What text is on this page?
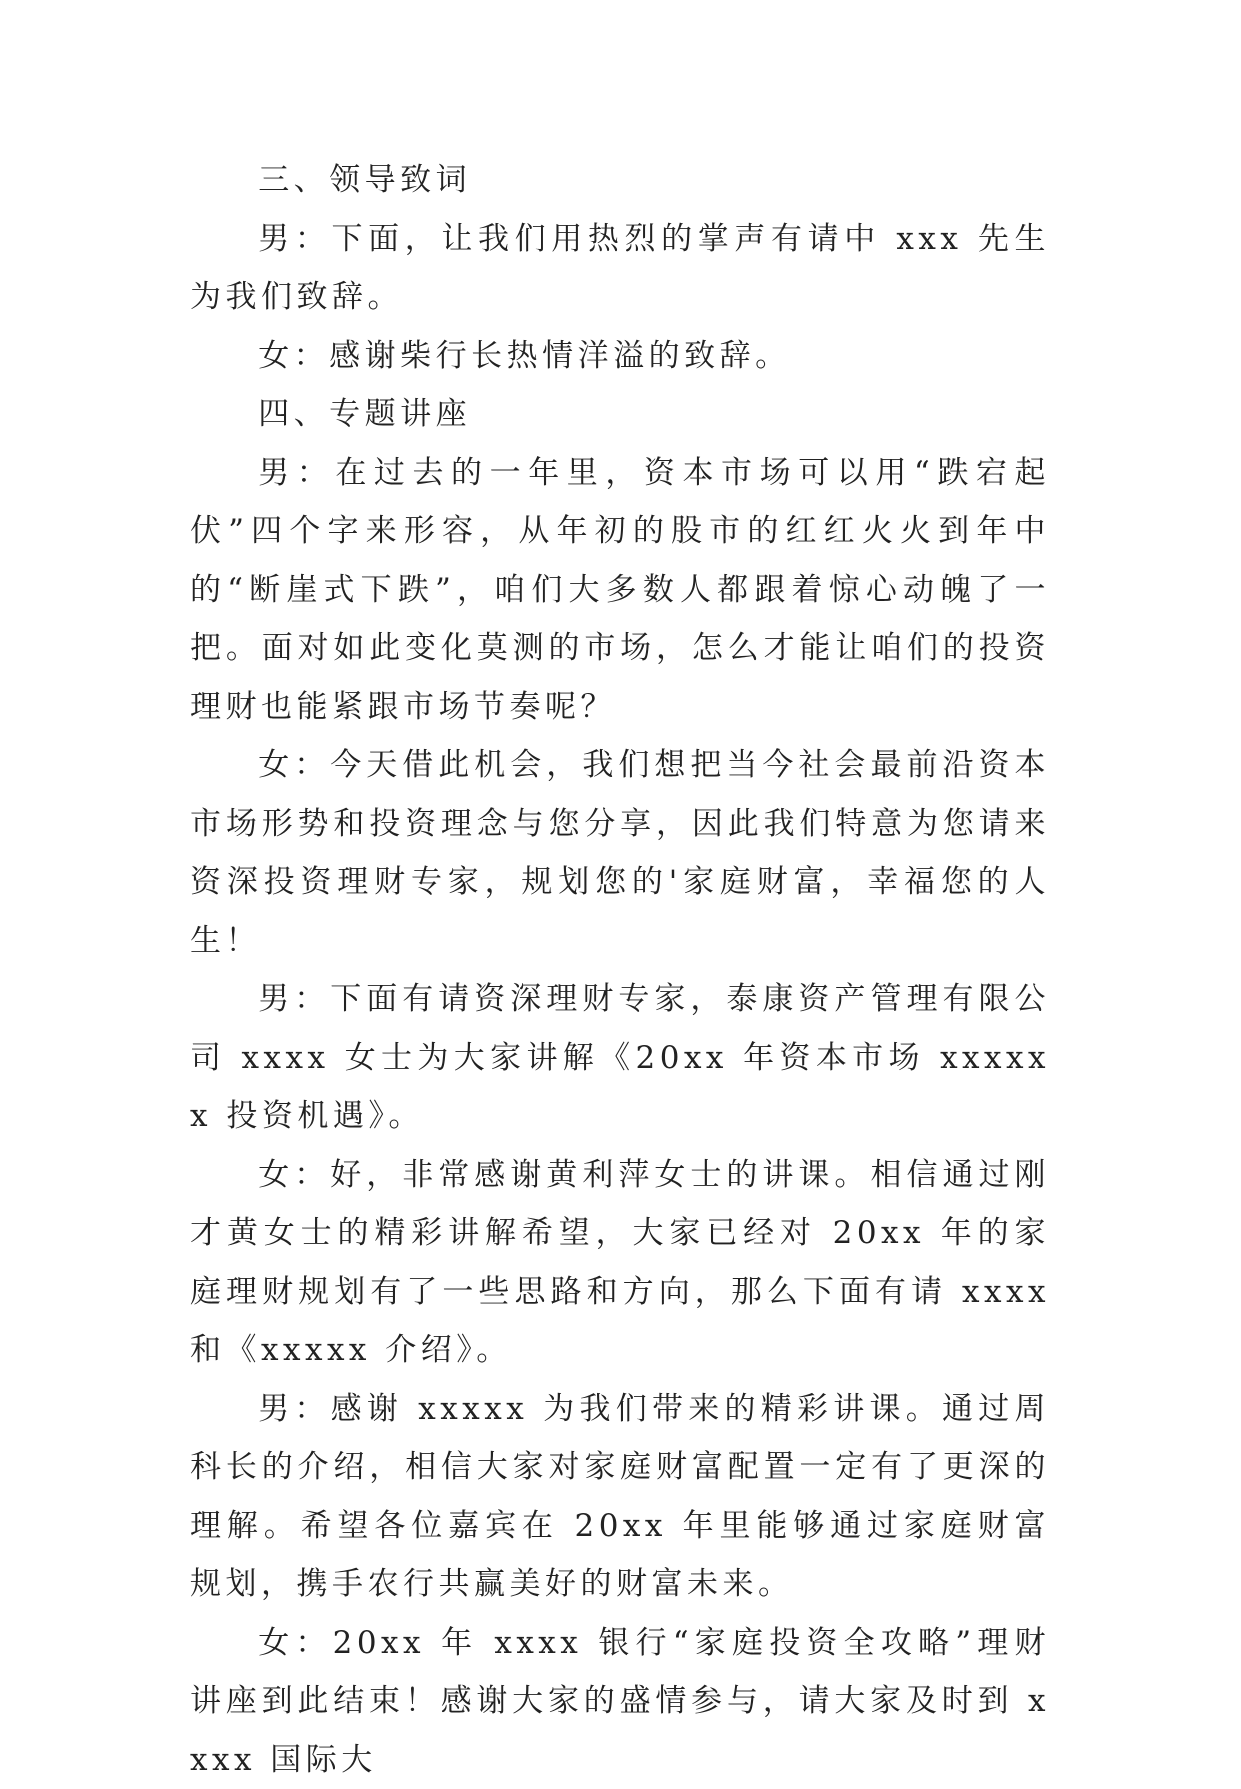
三、领导致词

男：下面，让我们用热烈的掌声有请中 xxx 先生为我们致辞。

女：感谢柴行长热情洋溢的致辞。

四、专题讲座

男：在过去的一年里，资本市场可以用“跌宕起伏”四个字来形容，从年初的股市的红红火火到年中的“断崖式下跌”，咱们大多数人都跟着惊心动魄了一把。面对如此变化莫测的市场，怎么才能让咱们的投资理财也能紧跟市场节奏呢？

女：今天借此机会，我们想把当今社会最前沿资本市场形势和投资理念与您分享，因此我们特意为您请来资深投资理财专家，规划您的'家庭财富，幸福您的人生！

男：下面有请资深理财专家，泰康资产管理有限公司 xxxx 女士为大家讲解《20xx 年资本市场 xxxxxx 投资机遇》。

女：好，非常感谢黄利萍女士的讲课。相信通过刚才黄女士的精彩讲解希望，大家已经对 20xx 年的家庭理财规划有了一些思路和方向，那么下面有请 xxxx 和《xxxxx 介绍》。

男：感谢 xxxxx 为我们带来的精彩讲课。通过周科长的介绍，相信大家对家庭财富配置一定有了更深的理解。希望各位嘉宾在 20xx 年里能够通过家庭财富规划，携手农行共赢美好的财富未来。

女：20xx 年 xxxx 银行“家庭投资全攻略”理财讲座到此结束！感谢大家的盛情参与，请大家及时到 xxxx 国际大
